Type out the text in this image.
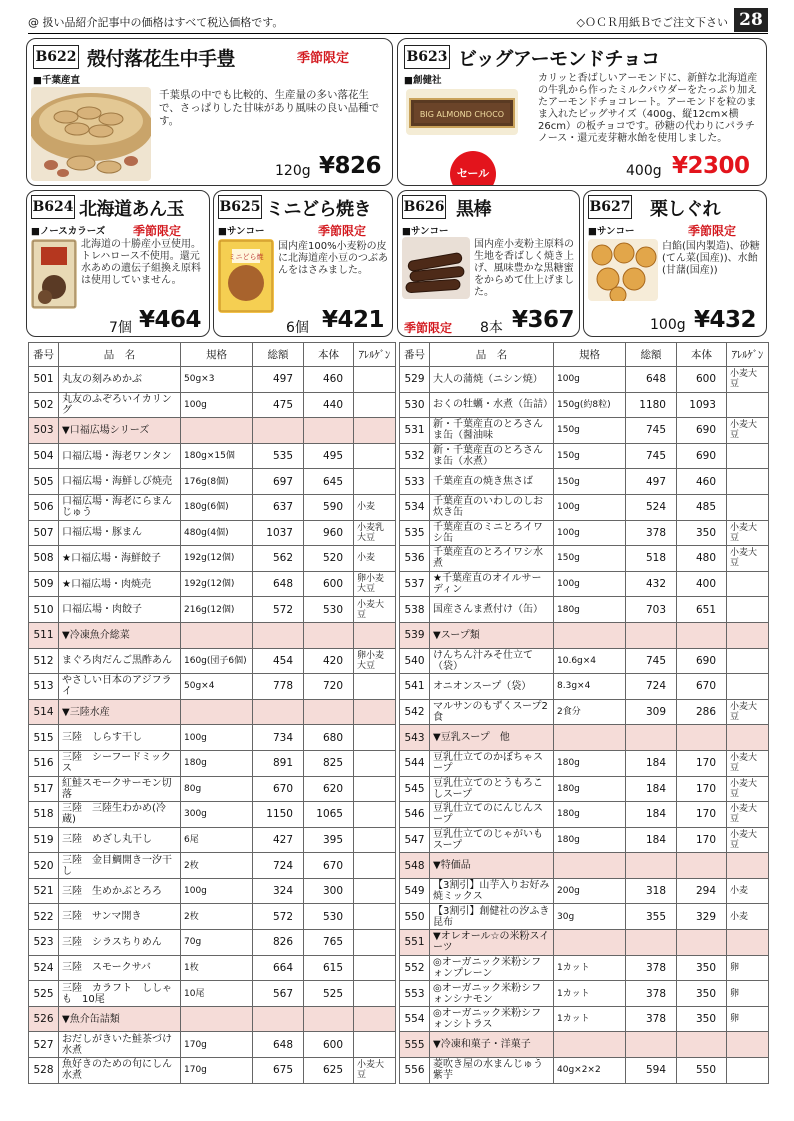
@ 扱い品紹介記事中の価格はすべて税込価格です。	◇ＯＣＲ用紙Ｂでご注文下さい 28
B622 殻付落花生中手豊	季節限定
■千葉産直
千葉県の中でも比較的、生産量の多い落花生で、さっぱりした甘味があり風味の良い品種です。
120g ¥826
B623 ビッグアーモンドチョコ
■創健社
BIG ALMOND CHOCO
セール
カリッと香ばしいアーモンドに、新鮮な北海道産の牛乳から作ったミルクパウダーをたっぷり加えたアーモンドチョコレート。アーモンドを粒のまま入れたビッグサイズ（400g、縦12cm×横26cm）の板チョコです。砂糖の代わりにパラチノース・還元麦芽糖水飴を使用しました。
400g ¥2300
B624 北海道あん玉
■ノースカラーズ 季節限定
北海道の十勝産小豆使用。トレハロース不使用。還元水あめの遺伝子組換え原料は使用していません。
7個 ¥464
B625 ミニどら焼き
■サンコー	季節限定
ミニどら焼
国内産100%小麦粉の皮に北海道産小豆のつぶあんをはさみました。
6個 ¥421
B626 黒棒
■サンコー
国内産小麦粉主原料の生地を香ばしく焼き上げ、風味豊かな黒糖蜜をからめて仕上げました。
季節限定 8本 ¥367
B627 栗しぐれ
■サンコー	季節限定
白餡(国内製造)、砂糖(てん菜(国産))、水飴(甘藷(国産))
100g ¥432
番号	品　名	規格	総額	本体	ｱﾚﾙｹﾞﾝ
501	丸友の刻みめかぶ	50g×3	497	460	
502	丸友のふぞろいイカリング	100g	475	440	
503	▼口福広場シリーズ				
504	口福広場・海老ワンタン	180g×15個	535	495	
505	口福広場・海鮮しび焼売	176g(8個)	697	645	
506	口福広場・海老にらまんじゅう	180g(6個)	637	590	小麦
507	口福広場・豚まん	480g(4個)	1037	960	小麦乳大豆
508	★口福広場・海鮮餃子	192g(12個)	562	520	小麦
509	★口福広場・肉焼売	192g(12個)	648	600	卵小麦大豆
510	口福広場・肉餃子	216g(12個)	572	530	小麦大豆
511	▼冷凍魚介総菜				
512	まぐろ肉だんご黒酢あん	160g(団子6個)	454	420	卵小麦大豆
513	やさしい日本のアジフライ	50g×4	778	720	
514	▼三陸水産				
515	三陸　しらす干し	100g	734	680	
516	三陸　シーフードミックス	180g	891	825	
517	紅鮭スモークサーモン切落	80g	670	620	
518	三陸　三陸生わかめ(冷蔵)	300g	1150	1065	
519	三陸　めざし丸干し	6尾	427	395	
520	三陸　金目鯛開き一汐干し	2枚	724	670	
521	三陸　生めかぶとろろ	100g	324	300	
522	三陸　サンマ開き	2枚	572	530	
523	三陸　シラスちりめん	70g	826	765	
524	三陸　スモークサバ	1枚	664	615	
525	三陸　カラフト　ししゃも　10尾	10尾	567	525	
526	▼魚介缶詰類				
527	おだしがきいた鮭茶づけ水煮	170g	648	600	
528	魚好きのための旬にしん水煮	170g	675	625	小麦大豆
番号	品　名	規格	総額	本体	ｱﾚﾙｹﾞﾝ
529	大人の蒲焼（ニシン焼）	100g	648	600	小麦大豆
530	おくの牡蠣・水煮（缶詰）	150g(約8粒)	1180	1093	
531	新・千葉産直のとろさんま缶（醤油味	150g	745	690	小麦大豆
532	新・千葉産直のとろさんま缶（水煮）	150g	745	690	
533	千葉産直の焼き焦さば	150g	497	460	
534	千葉産直のいわしのしお炊き缶	100g	524	485	
535	千葉産直のミニとろイワシ缶	100g	378	350	小麦大豆
536	千葉産直のとろイワシ水煮	150g	518	480	小麦大豆
537	★千葉産直のオイルサーディン	100g	432	400	
538	国産さんま煮付け（缶）	180g	703	651	
539	▼スープ類				
540	けんちん汁みそ仕立て（袋）	10.6g×4	745	690	
541	オニオンスープ（袋）	8.3g×4	724	670	
542	マルサンのもずくスープ2食	2食分	309	286	小麦大豆
543	▼豆乳スープ　他				
544	豆乳仕立てのかぼちゃスープ	180g	184	170	小麦大豆
545	豆乳仕立てのとうもろこしスープ	180g	184	170	小麦大豆
546	豆乳仕立てのにんじんスープ	180g	184	170	小麦大豆
547	豆乳仕立てのじゃがいもスープ	180g	184	170	小麦大豆
548	▼特価品				
549	【3割引】山芋入りお好み焼ミックス	200g	318	294	小麦
550	【3割引】創健社の汐ふき昆布	30g	355	329	小麦
551	▼オレオール☆の米粉スイーツ				
552	◎オーガニック米粉シフォンプレーン	1カット	378	350	卵
553	◎オーガニック米粉シフォンシナモン	1カット	378	350	卵
554	◎オーガニック米粉シフォンシトラス	1カット	378	350	卵
555	▼冷凍和菓子・洋菓子				
556	菱吹き屋の水まんじゅう紫芋	40g×2×2	594	550	
